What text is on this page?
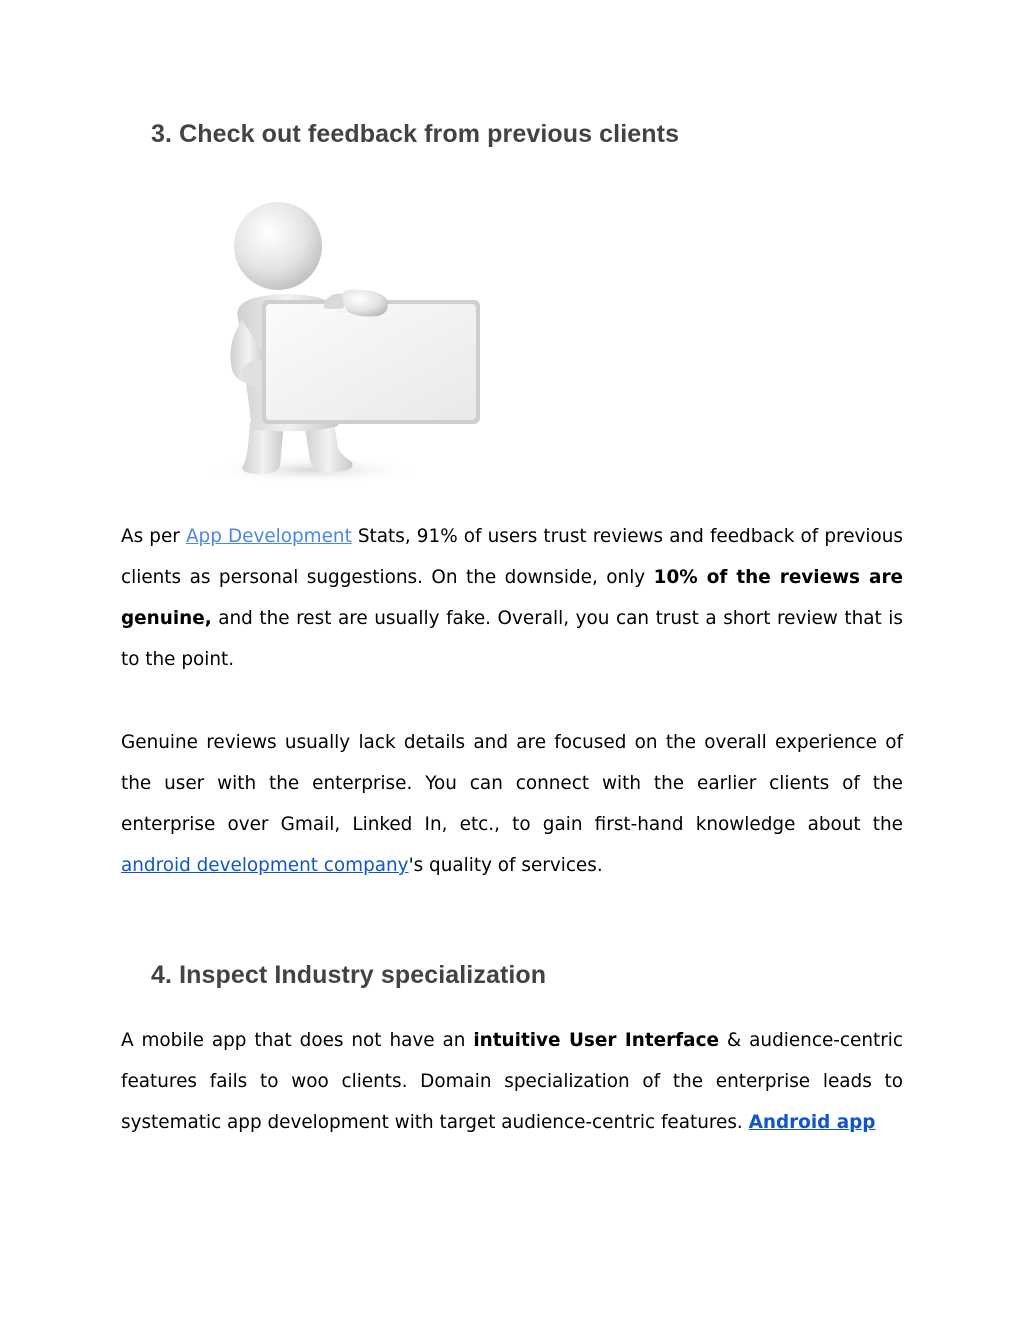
3. Check out feedback from previous clients

As per App Development Stats, 91% of users trust reviews and feedback of previous clients as personal suggestions. On the downside, only 10% of the reviews are genuine, and the rest are usually fake. Overall, you can trust a short review that is to the point.

Genuine reviews usually lack details and are focused on the overall experience of the user with the enterprise. You can connect with the earlier clients of the enterprise over Gmail, Linked In, etc., to gain first-hand knowledge about the android development company's quality of services.

4. Inspect Industry specialization

A mobile app that does not have an intuitive User Interface & audience-centric features fails to woo clients. Domain specialization of the enterprise leads to systematic app development with target audience-centric features. Android app
